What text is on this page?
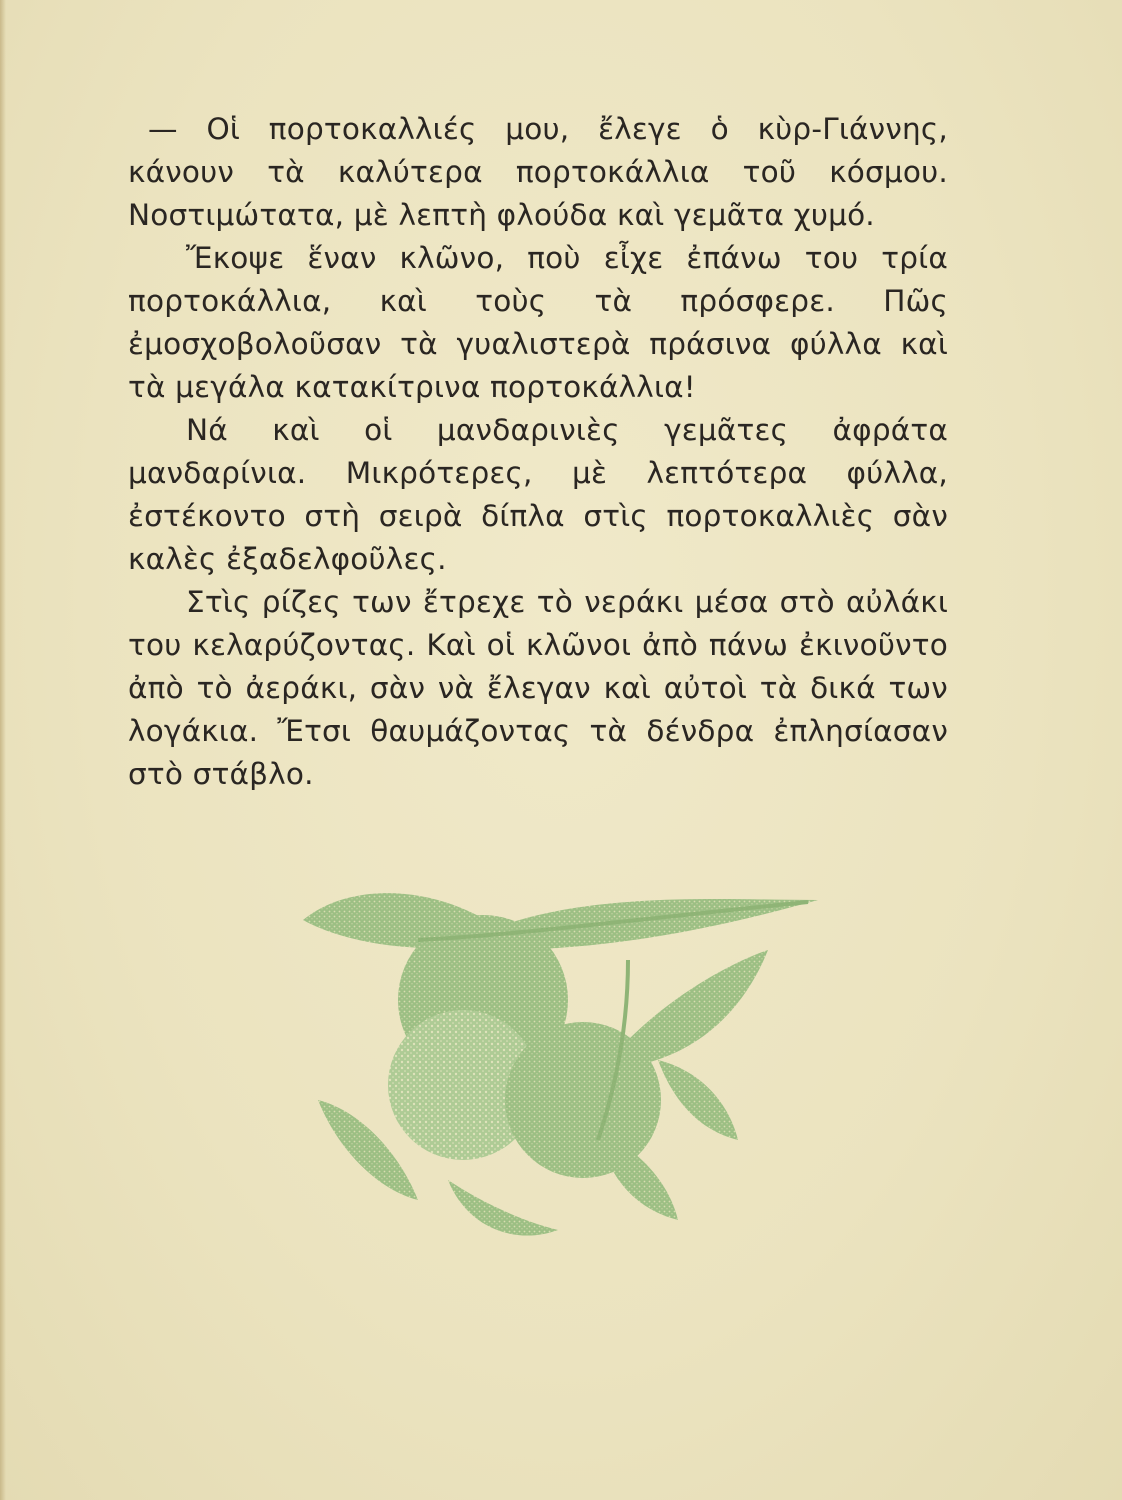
— Οἱ πορτοκαλλιές μου, ἔλεγε ὁ κὺρ-Γιάννης, κάνουν τὰ καλύτερα πορτοκάλλια τοῦ κόσμου. Νοστιμώτατα, μὲ λεπτὴ φλούδα καὶ γεμᾶτα χυμό.

Ἔκοψε ἕναν κλῶνο, ποὺ εἶχε ἐπάνω του τρία πορτοκάλλια, καὶ τοὺς τὰ πρόσφερε. Πῶς ἐμοσχοβολοῦσαν τὰ γυαλιστερὰ πράσινα φύλλα καὶ τὰ μεγάλα κατακίτρινα πορτοκάλλια!

Νά καὶ οἱ μανδαρινιὲς γεμᾶτες ἀφράτα μανδαρίνια. Μικρότερες, μὲ λεπτότερα φύλλα, ἐστέκοντο στὴ σειρὰ δίπλα στὶς πορτοκαλλιὲς σὰν καλὲς ἐξαδελφοῦλες.

Στὶς ρίζες των ἔτρεχε τὸ νεράκι μέσα στὸ αὐλάκι του κελαρύζοντας. Καὶ οἱ κλῶνοι ἀπὸ πάνω ἐκινοῦντο ἀπὸ τὸ ἀεράκι, σὰν νὰ ἔλεγαν καὶ αὐτοὶ τὰ δικά των λογάκια. Ἔτσι θαυμάζοντας τὰ δένδρα ἐπλησίασαν στὸ στάβλο.
